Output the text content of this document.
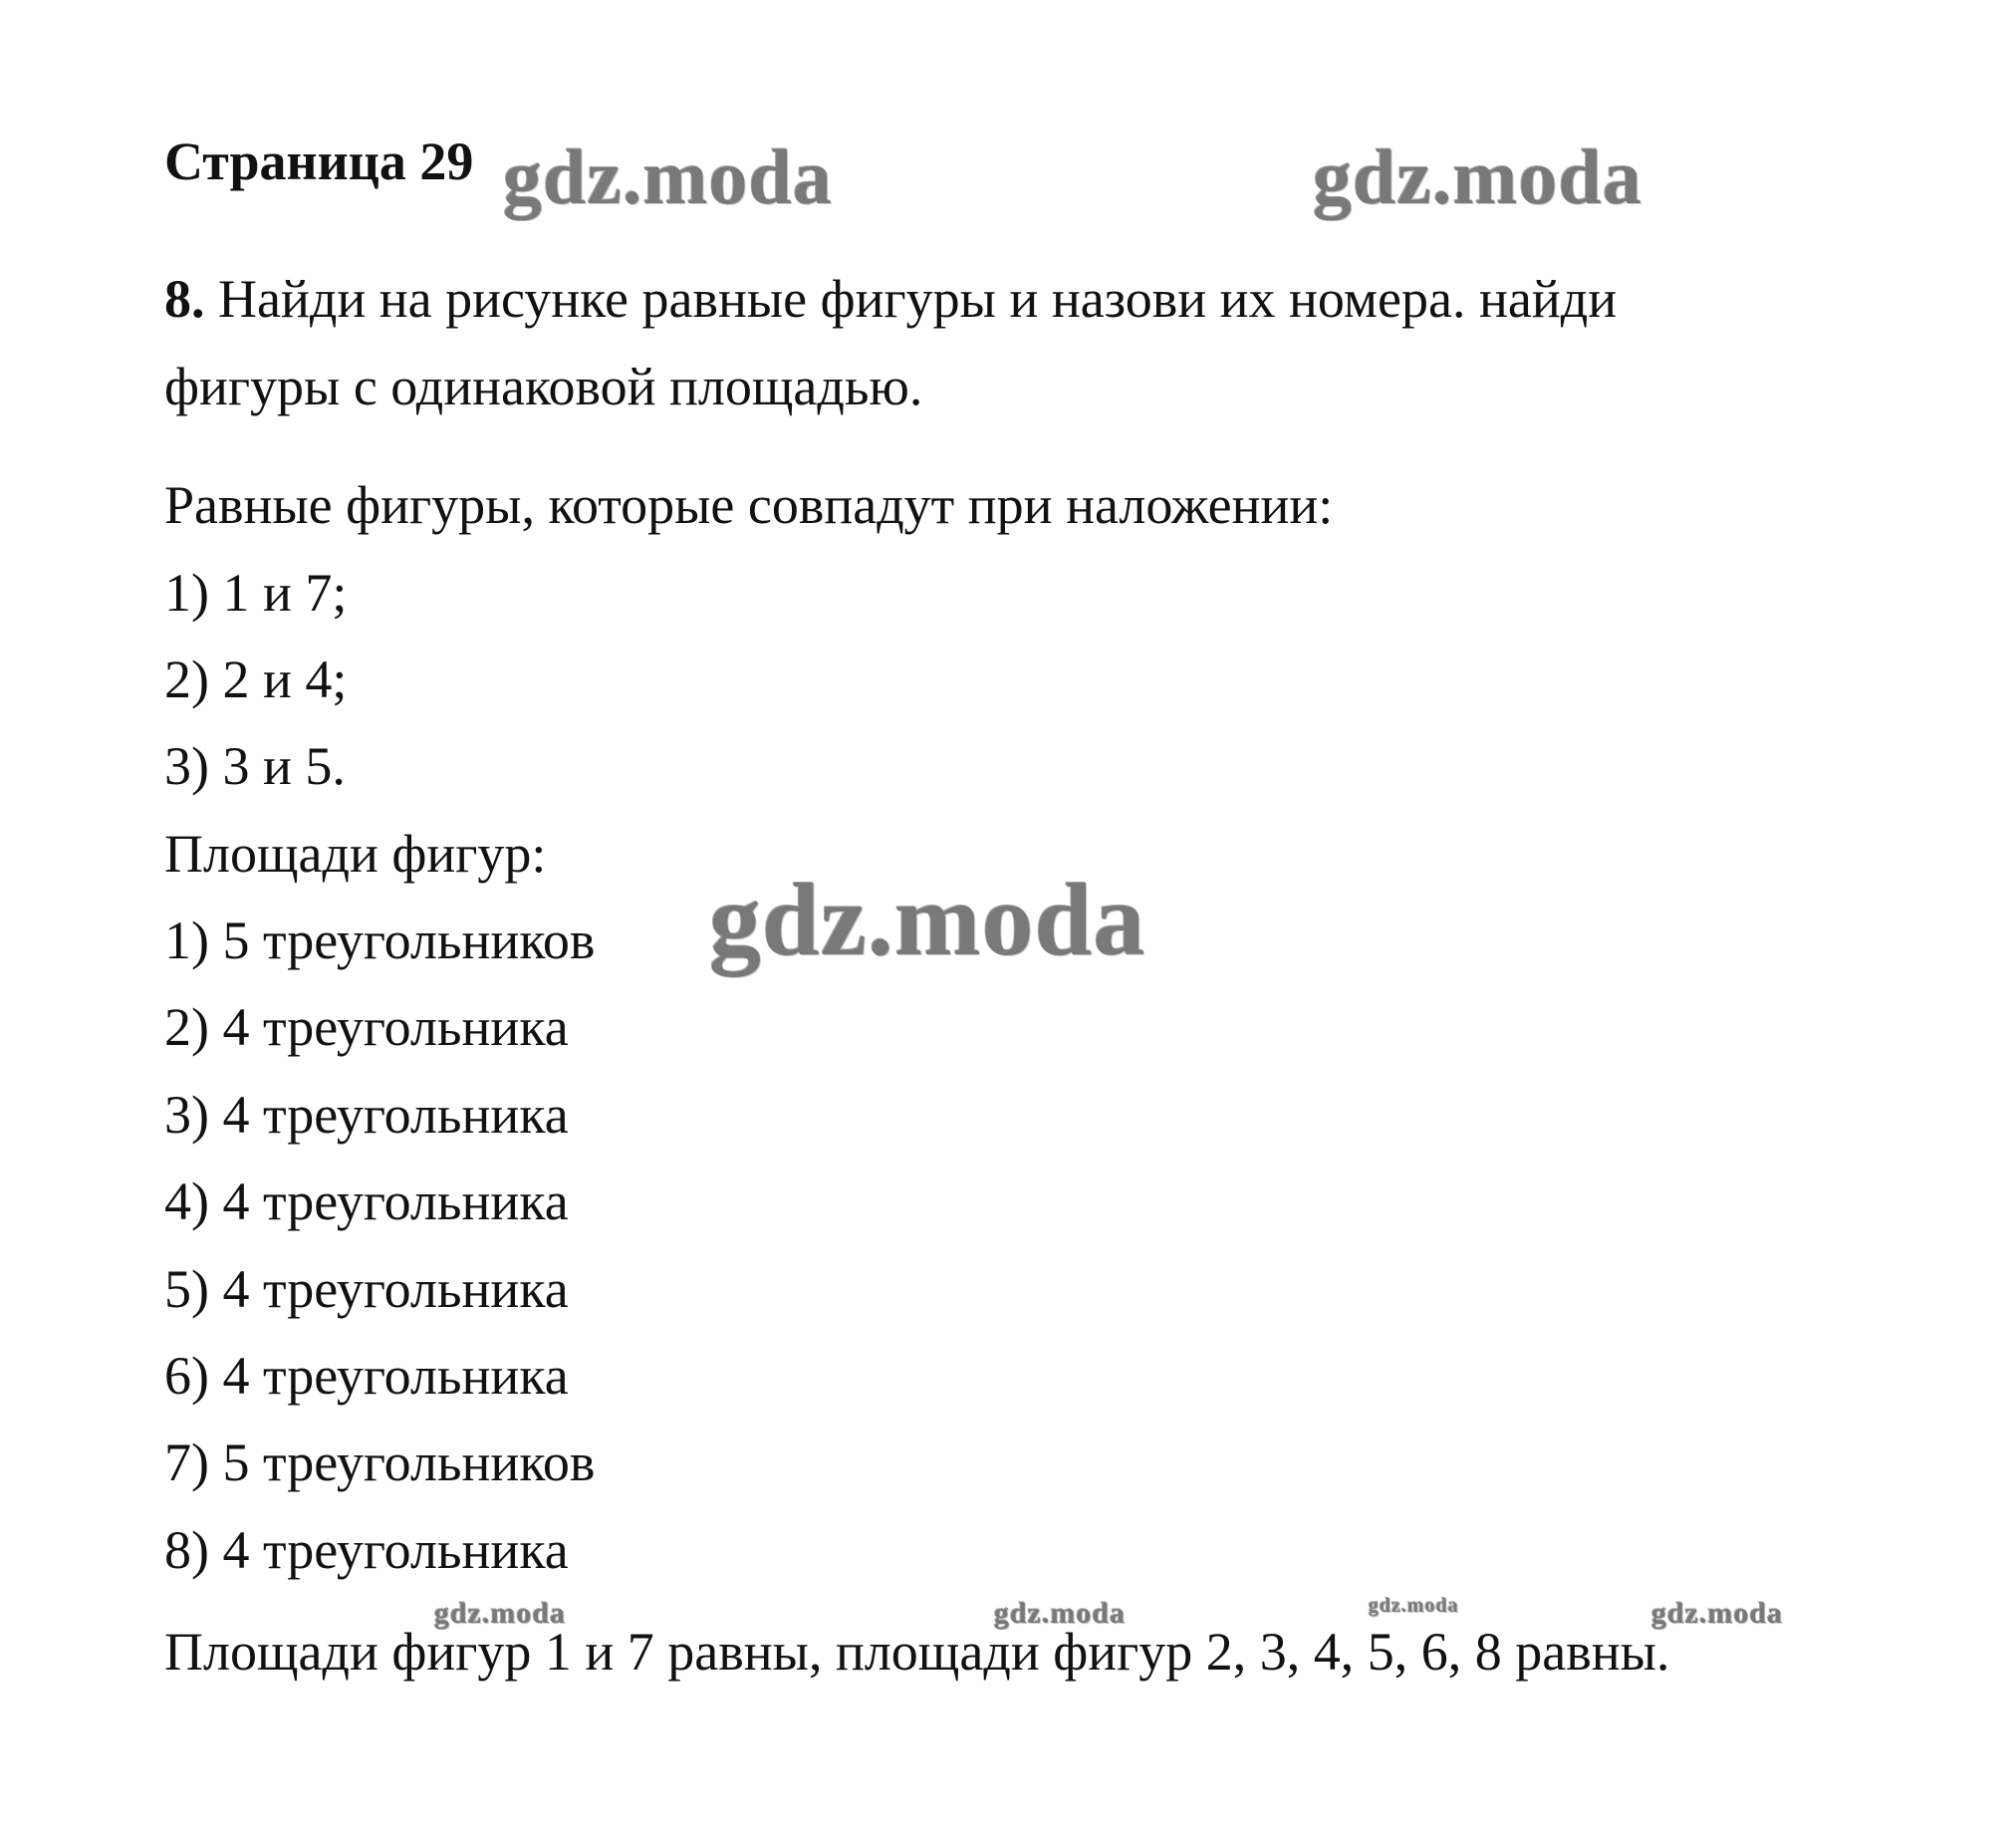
Страница 29
8. Найди на рисунке равные фигуры и назови их номера. найди
фигуры с одинаковой площадью.
Равные фигуры, которые совпадут при наложении:
1) 1 и 7;
2) 2 и 4;
3) 3 и 5.
Площади фигур:
1) 5 треугольников
2) 4 треугольника
3) 4 треугольника
4) 4 треугольника
5) 4 треугольника
6) 4 треугольника
7) 5 треугольников
8) 4 треугольника
Площади фигур 1 и 7 равны, площади фигур 2, 3, 4, 5, 6, 8 равны.
gdz.moda	gdz.moda
gdz.moda
gdz.moda	gdz.moda	gdz.moda	gdz.moda
